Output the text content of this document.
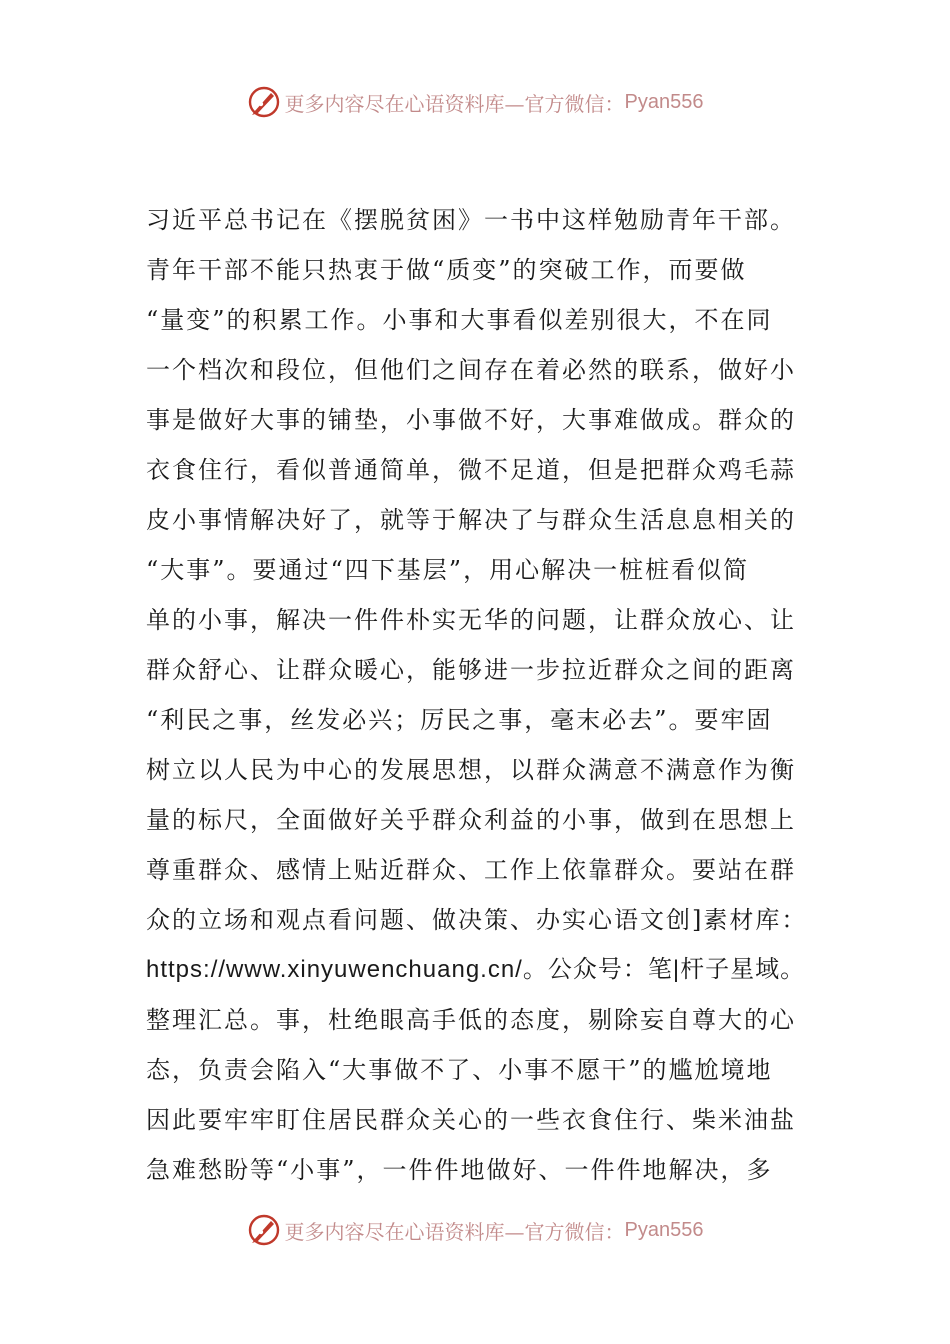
更多内容尽在心语资料库—官方微信： Pyan556
习近平总书记在《摆脱贫困》一书中这样勉励青年干部。
青年干部不能只热衷于做“质变”的突破工作，而要做
“量变”的积累工作。小事和大事看似差别很大，不在同
一个档次和段位，但他们之间存在着必然的联系，做好小
事是做好大事的铺垫，小事做不好，大事难做成。群众的
衣食住行，看似普通简单，微不足道，但是把群众鸡毛蒜
皮小事情解决好了，就等于解决了与群众生活息息相关的
“大事”。要通过“四下基层”，用心解决一桩桩看似简
单的小事，解决一件件朴实无华的问题，让群众放心、让
群众舒心、让群众暖心，能够进一步拉近群众之间的距离
“利民之事，丝发必兴；厉民之事，毫末必去”。要牢固
树立以人民为中心的发展思想，以群众满意不满意作为衡
量的标尺，全面做好关乎群众利益的小事，做到在思想上
尊重群众、感情上贴近群众、工作上依靠群众。要站在群
众的立场和观点看问题、做决策、办实心语文创]素材库：
https://www.xinyuwenchuang.cn/。公众号：笔|杆子星域。
整理汇总。事，杜绝眼高手低的态度，剔除妄自尊大的心
态，负责会陷入“大事做不了、小事不愿干”的尴尬境地
因此要牢牢盯住居民群众关心的一些衣食住行、柴米油盐
急难愁盼等“小事”，一件件地做好、一件件地解决，多
更多内容尽在心语资料库—官方微信： Pyan556
